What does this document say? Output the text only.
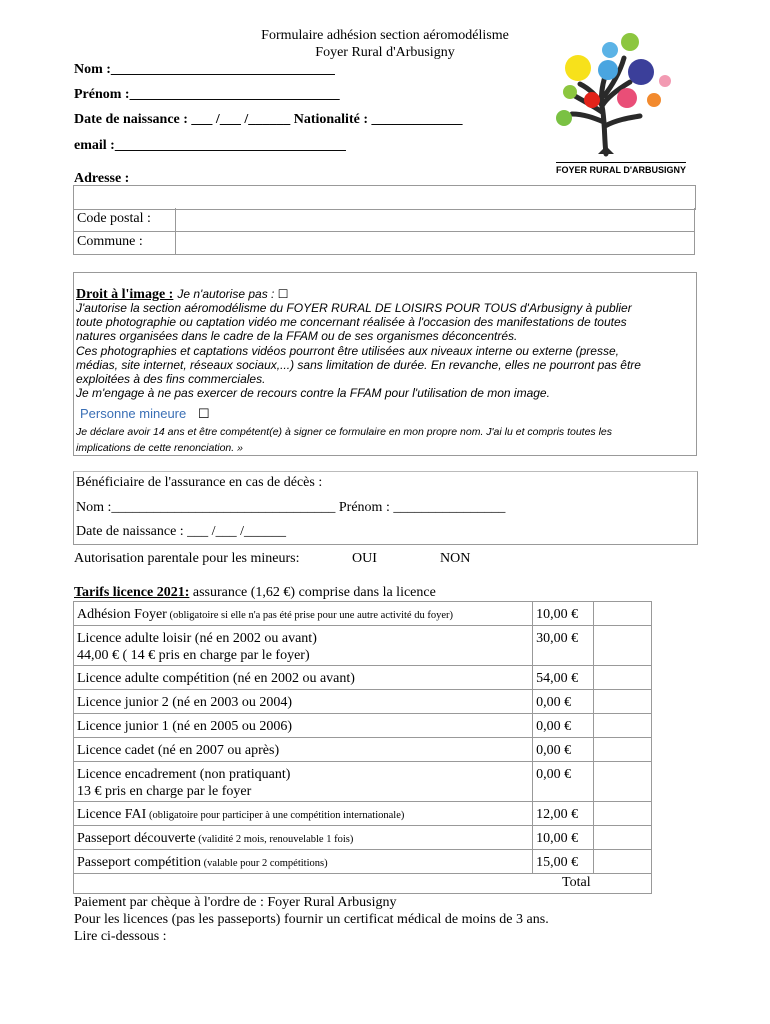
Formulaire adhésion section aéromodélisme
Foyer Rural d'Arbusigny
FOYER RURAL D'ARBUSIGNY
Nom :________________________________
Prénom :______________________________
Date de naissance : ___ /___ /______ Nationalité : _____________
email :_________________________________
Adresse :
Code postal :
Commune :
Droit à l'image : Je n'autorise pas : ☐
J'autorise la section aéromodélisme du FOYER RURAL DE LOISIRS POUR TOUS d'Arbusigny à publier
toute photographie ou captation vidéo me concernant réalisée à l'occasion des manifestations de toutes
natures organisées dans le cadre de la FFAM ou de ses organismes déconcentrés.
Ces photographies et captations vidéos pourront être utilisées aux niveaux interne ou externe (presse,
médias, site internet, réseaux sociaux,...) sans limitation de durée. En revanche, elles ne pourront pas être
exploitées à des fins commerciales.
Je m'engage à ne pas exercer de recours contre la FFAM pour l'utilisation de mon image.
Personne mineure ☐
Je déclare avoir 14 ans et être compétent(e) à signer ce formulaire en mon propre nom. J'ai lu et compris toutes les
implications de cette renonciation. »
Bénéficiaire de l'assurance en cas de décès :
Nom :________________________________ Prénom : ________________
Date de naissance : ___ /___ /______
Autorisation parentale pour les mineurs:	OUI	NON
Tarifs licence 2021: assurance (1,62 €) comprise dans la licence
Adhésion Foyer (obligatoire si elle n'a pas été prise pour une autre activité du foyer)	10,00 €	
Licence adulte loisir (né en 2002 ou avant)
44,00 € ( 14 € pris en charge par le foyer)	30,00 €	
Licence adulte compétition (né en 2002 ou avant)	54,00 €	
Licence junior 2 (né en 2003 ou 2004)	0,00 €	
Licence junior 1 (né en 2005 ou 2006)	0,00 €	
Licence cadet (né en 2007 ou après)	0,00 €	
Licence encadrement (non pratiquant)
13 € pris en charge par le foyer	0,00 €	
Licence FAI (obligatoire pour participer à une compétition internationale)	12,00 €	
Passeport découverte (validité 2 mois, renouvelable 1 fois)	10,00 €	
Passeport compétition (valable pour 2 compétitions)	15,00 €	
Total		
Paiement par chèque à l'ordre de : Foyer Rural Arbusigny
Pour les licences (pas les passeports) fournir un certificat médical de moins de 3 ans.
Lire ci-dessous :
